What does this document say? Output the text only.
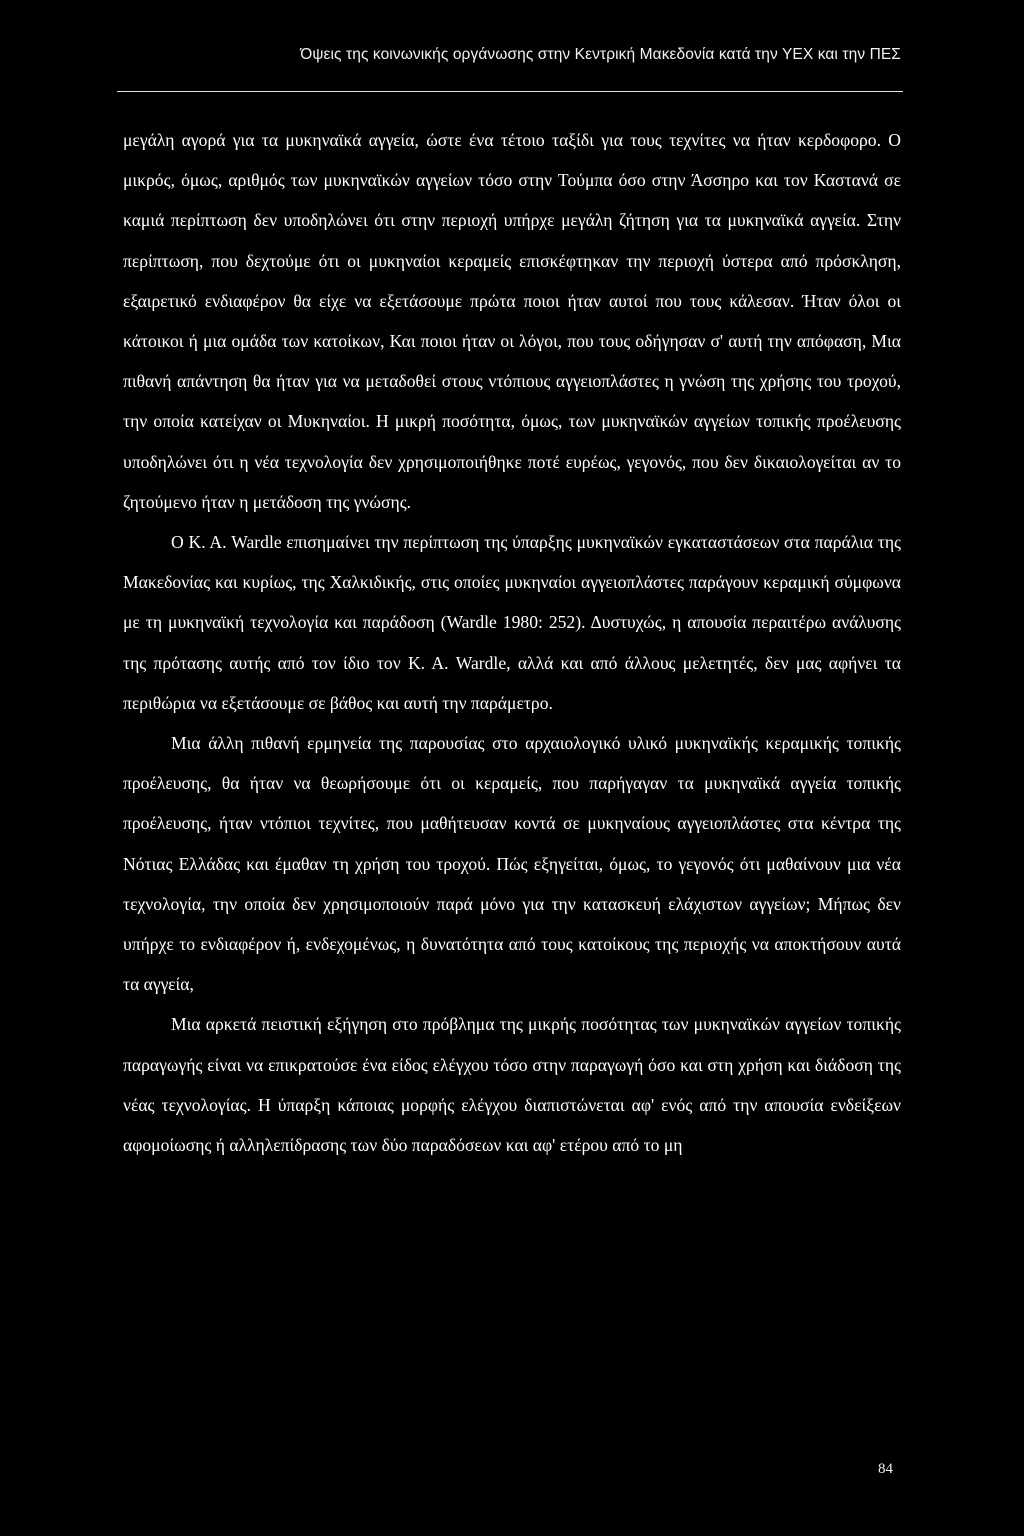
Όψεις της κοινωνικής οργάνωσης στην Κεντρική Μακεδονία κατά την ΥΕΧ και την ΠΕΣ

μεγάλη αγορά για τα μυκηναϊκά αγγεία, ώστε ένα τέτοιο ταξίδι για τους τεχνίτες να ήταν κερδοφορο. Ο μικρός, όμως, αριθμός των μυκηναϊκών αγγείων τόσο στην Τούμπα όσο στην Άσσηρο και τον Καστανά σε καμιά περίπτωση δεν υποδηλώνει ότι στην περιοχή υπήρχε μεγάλη ζήτηση για τα μυκηναϊκά αγγεία. Στην περίπτωση, που δεχτούμε ότι οι μυκηναίοι κεραμείς επισκέφτηκαν την περιοχή ύστερα από πρόσκληση, εξαιρετικό ενδιαφέρον θα είχε να εξετάσουμε πρώτα ποιοι ήταν αυτοί που τους κάλεσαν. Ήταν όλοι οι κάτοικοι ή μια ομάδα των κατοίκων, Και ποιοι ήταν οι λόγοι, που τους οδήγησαν σ' αυτή την απόφαση, Μια πιθανή απάντηση θα ήταν για να μεταδοθεί στους ντόπιους αγγειοπλάστες η γνώση της χρήσης του τροχού, την οποία κατείχαν οι Μυκηναίοι. Η μικρή ποσότητα, όμως, των μυκηναϊκών αγγείων τοπικής προέλευσης υποδηλώνει ότι η νέα τεχνολογία δεν χρησιμοποιήθηκε ποτέ ευρέως, γεγονός, που δεν δικαιολογείται αν το ζητούμενο ήταν η μετάδοση της γνώσης.

Ο Κ. Α. Wardle επισημαίνει την περίπτωση της ύπαρξης μυκηναϊκών εγκαταστάσεων στα παράλια της Μακεδονίας και κυρίως, της Χαλκιδικής, στις οποίες μυκηναίοι αγγειοπλάστες παράγουν κεραμική σύμφωνα με τη μυκηναϊκή τεχνολογία και παράδοση (Wardle 1980: 252). Δυστυχώς, η απουσία περαιτέρω ανάλυσης της πρότασης αυτής από τον ίδιο τον Κ. Α. Wardle, αλλά και από άλλους μελετητές, δεν μας αφήνει τα περιθώρια να εξετάσουμε σε βάθος και αυτή την παράμετρο.

Μια άλλη πιθανή ερμηνεία της παρουσίας στο αρχαιολογικό υλικό μυκηναϊκής κεραμικής τοπικής προέλευσης, θα ήταν να θεωρήσουμε ότι οι κεραμείς, που παρήγαγαν τα μυκηναϊκά αγγεία τοπικής προέλευσης, ήταν ντόπιοι τεχνίτες, που μαθήτευσαν κοντά σε μυκηναίους αγγειοπλάστες στα κέντρα της Νότιας Ελλάδας και έμαθαν τη χρήση του τροχού. Πώς εξηγείται, όμως, το γεγονός ότι μαθαίνουν μια νέα τεχνολογία, την οποία δεν χρησιμοποιούν παρά μόνο για την κατασκευή ελάχιστων αγγείων; Μήπως δεν υπήρχε το ενδιαφέρον ή, ενδεχομένως, η δυνατότητα από τους κατοίκους της περιοχής να αποκτήσουν αυτά τα αγγεία,

Μια αρκετά πειστική εξήγηση στο πρόβλημα της μικρής ποσότητας των μυκηναϊκών αγγείων τοπικής παραγωγής είναι να επικρατούσε ένα είδος ελέγχου τόσο στην παραγωγή όσο και στη χρήση και διάδοση της νέας τεχνολογίας. Η ύπαρξη κάποιας μορφής ελέγχου διαπιστώνεται αφ' ενός από την απουσία ενδείξεων αφομοίωσης ή αλληλεπίδρασης των δύο παραδόσεων και αφ' ετέρου από το μη

84
